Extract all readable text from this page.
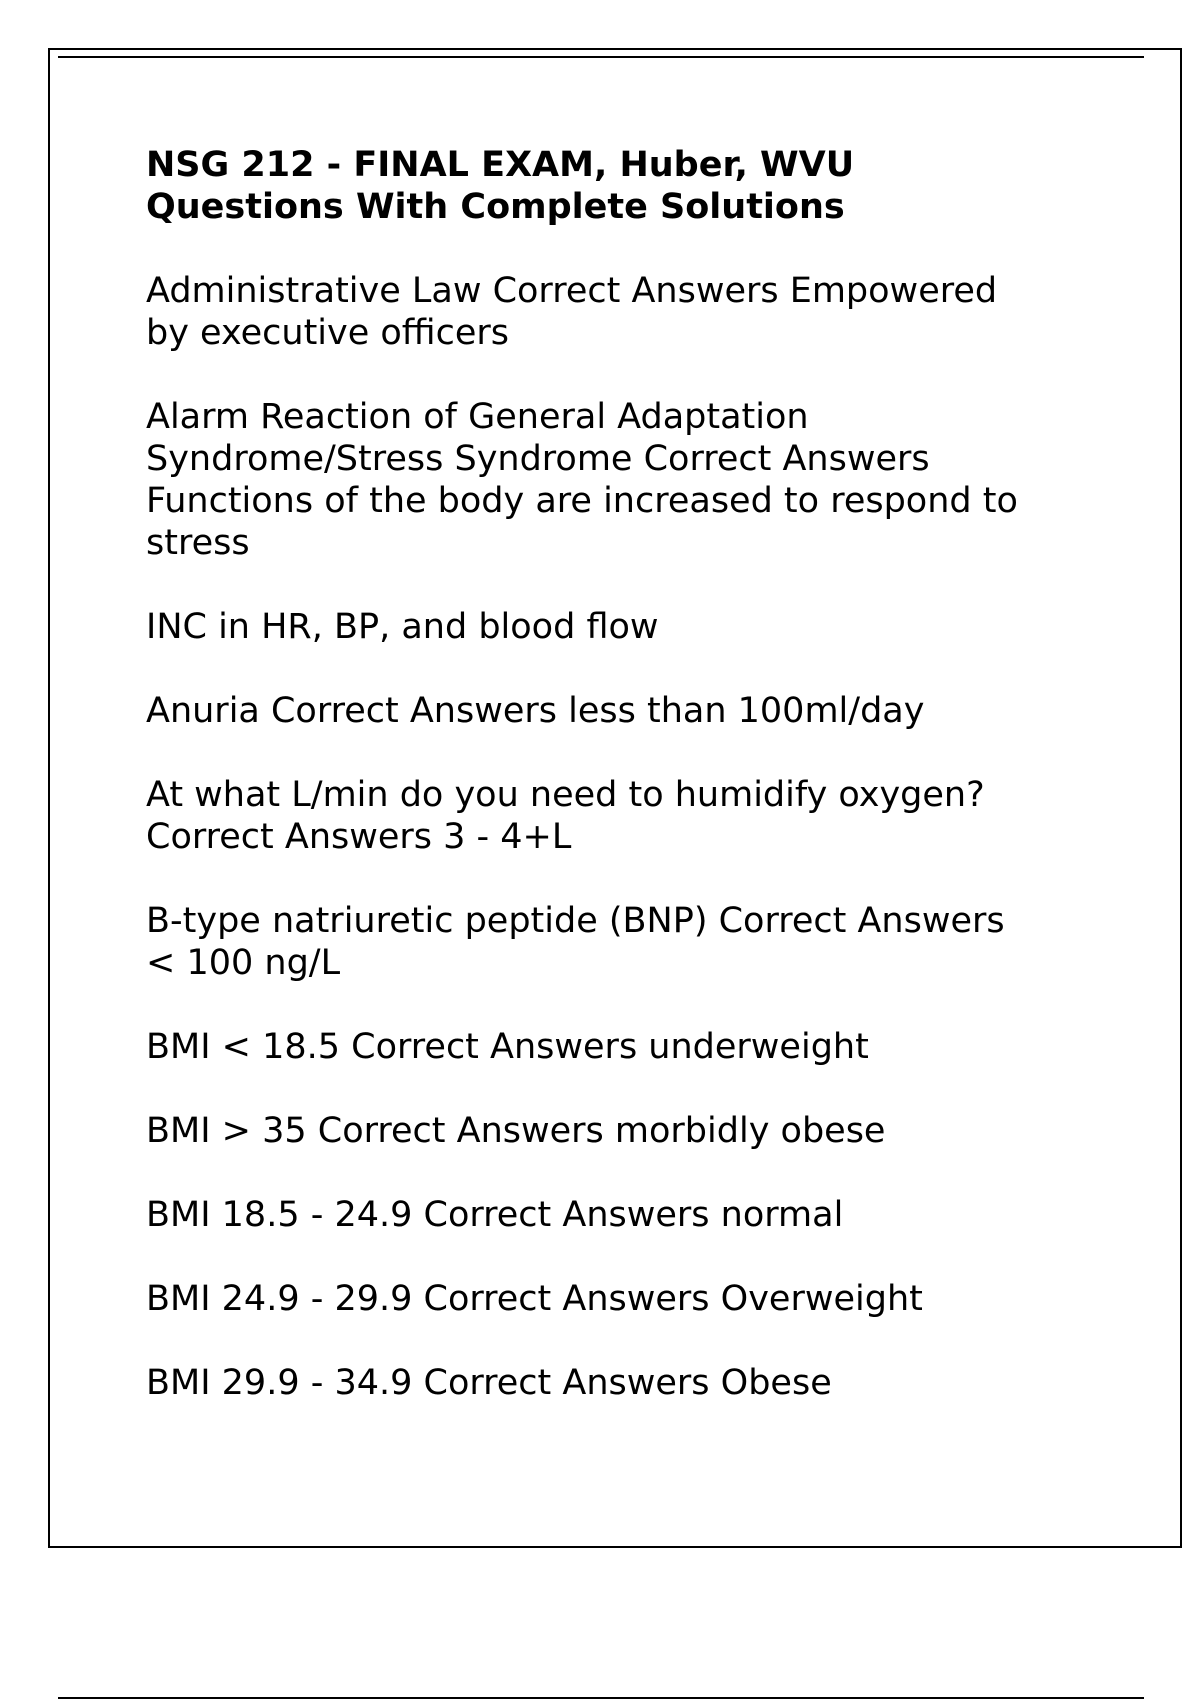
NSG 212 - FINAL EXAM, Huber, WVU
Questions With Complete Solutions
Administrative Law Correct Answers Empowered
by executive officers
Alarm Reaction of General Adaptation
Syndrome/Stress Syndrome Correct Answers
Functions of the body are increased to respond to
stress
INC in HR, BP, and blood flow
Anuria Correct Answers less than 100ml/day
At what L/min do you need to humidify oxygen?
Correct Answers 3 - 4+L
B-type natriuretic peptide (BNP) Correct Answers
< 100 ng/L
BMI < 18.5 Correct Answers underweight
BMI > 35 Correct Answers morbidly obese
BMI 18.5 - 24.9 Correct Answers normal
BMI 24.9 - 29.9 Correct Answers Overweight
BMI 29.9 - 34.9 Correct Answers Obese
